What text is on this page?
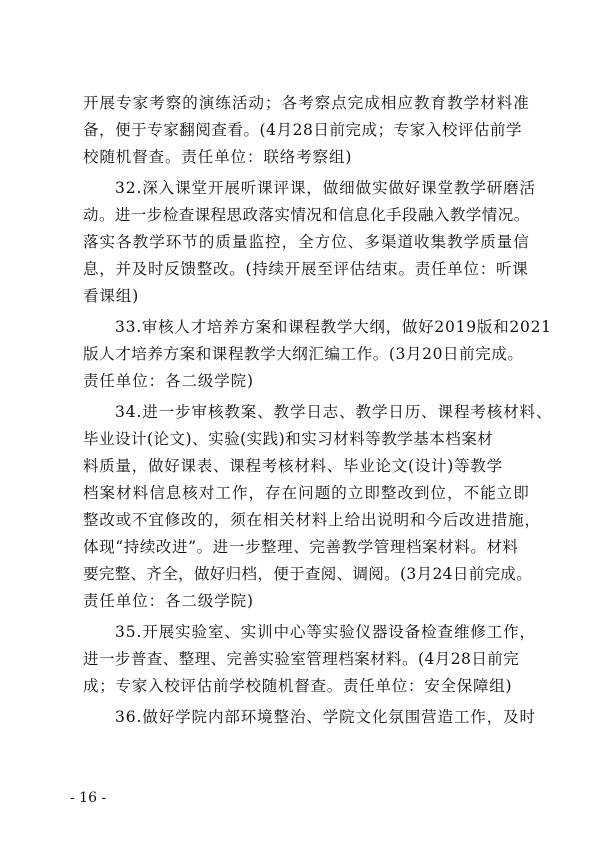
开展专家考察的演练活动；各考察点完成相应教育教学材料准
备，便于专家翻阅查看。(4月28日前完成；专家入校评估前学
校随机督查。责任单位：联络考察组)
32.深入课堂开展听课评课，做细做实做好课堂教学研磨活
动。进一步检查课程思政落实情况和信息化手段融入教学情况。
落实各教学环节的质量监控，全方位、多渠道收集教学质量信
息，并及时反馈整改。(持续开展至评估结束。责任单位：听课
看课组)
33.审核人才培养方案和课程教学大纲，做好2019版和2021
版人才培养方案和课程教学大纲汇编工作。(3月20日前完成。
责任单位：各二级学院)
34.进一步审核教案、教学日志、教学日历、课程考核材料、
毕业设计(论文)、实验(实践)和实习材料等教学基本档案材
料质量，做好课表、课程考核材料、毕业论文(设计)等教学
档案材料信息核对工作，存在问题的立即整改到位，不能立即
整改或不宜修改的，须在相关材料上给出说明和今后改进措施，
体现“持续改进”。进一步整理、完善教学管理档案材料。材料
要完整、齐全，做好归档，便于查阅、调阅。(3月24日前完成。
责任单位：各二级学院)
35.开展实验室、实训中心等实验仪器设备检查维修工作，
进一步普查、整理、完善实验室管理档案材料。(4月28日前完
成；专家入校评估前学校随机督查。责任单位：安全保障组)
36.做好学院内部环境整治、学院文化氛围营造工作，及时
- 16 -
